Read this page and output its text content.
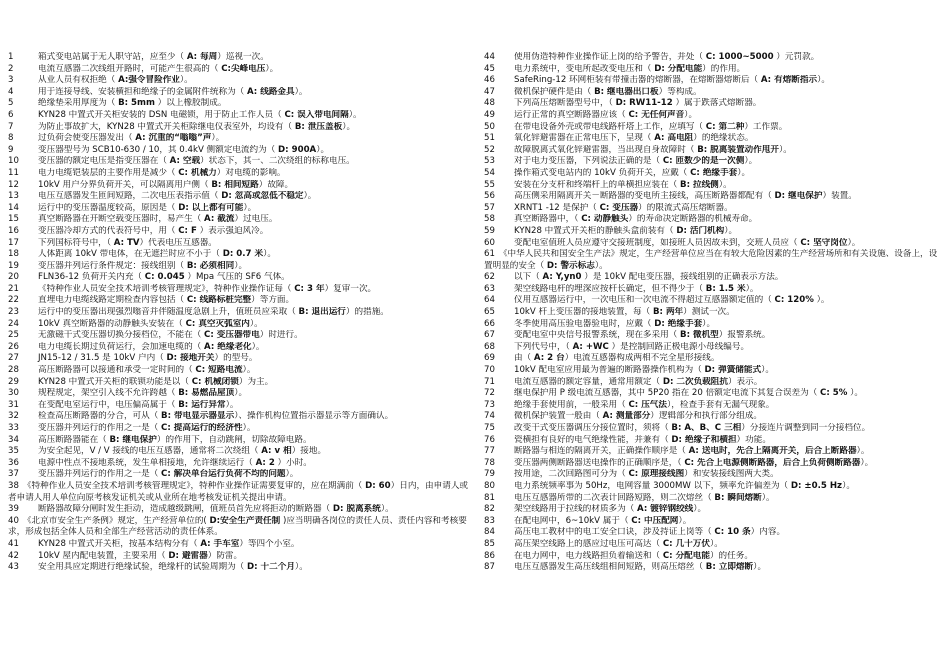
1	箱式变电站属于无人职守站，应至少（ A: 每周）巡视一次。
2	电流互感器二次线组开路时，可能产生很高的（ C:尖峰电压）。
3	从业人员有权拒绝（ A:强令冒险作业）。
4	用于连接导线、安装横担和绝缘子的金属附件统称为（ A: 线路金具）。
5	绝缘垫采用厚度为（ B: 5mm ）以上橡胶制成。
6	KYN28 中置式开关柜安装的 DSN 电磁锁，用于防止工作人员（ C: 误入带电间隔）。
7	为防止事故扩大，KYN28 中置式开关柜除继电仪表室外，均设有（ B: 泄压盖板）。
8	过负荷会使变压器发出（ A: 沉重的“嗡嗡”声）。
9	变压器型号为 SCB10-630 / 10，其 0.4kV 侧额定电流约为（ D: 900A）。
10 变压器的额定电压是指变压器在（ A: 空载）状态下，其一、二次绕组的标称电压。
11 电力电缆铠装层的主要作用是减少（ C: 机械力）对电缆的影响。
12 10kV 用户分界负荷开关，可以隔离用户侧（ B: 相间短路）故障。
13 电压互感器发生匝间短路，二次电压表指示值（ D: 忽高或忽低不稳定）。
14 运行中的变压器温度较高，原因是（ D: 以上都有可能）。
15 真空断路器在开断空载变压器时，易产生（ A: 截流）过电压。
16 变压器冷却方式的代表符号中，用（ C: F ）表示强迫风冷。
17 下列国标符号中，（ A: TV）代表电压互感器。
18 人体距离 10kV 带电体，在无遮拦时应不小于（ D: 0.7 米）。
19 变压器并列运行条件规定：接线组别（ B: 必须相同）。
20 FLN36-12 负荷开关内充（ C: 0.045 ）Mpa 气压的 SF6 气体。
21 《特种作业人员安全技术培训考核管理规定》，特种作业操作证每（ C: 3 年）复审一次。
22 直埋电力电缆线路定期检查内容包括（ C: 线路标桩完整）等方面。
23 运行中的变压器出现强烈嗡音并伴随温度急剧上升，值班员应采取（ B: 退出运行）的措施。
24 10kV 真空断路器的动静触头安装在（ C: 真空灭弧室内）。
25 无激磁干式变压器切换分接档位，不能在（ C: 变压器带电）时进行。
26 电力电缆长期过负荷运行，会加速电缆的（ A: 绝缘老化）。
27 JN15-12 / 31.5 是 10kV 户内（ D: 接地开关）的型号。
28 高压断路器可以接通和承受一定时间的（ C: 短路电流）。
29 KYN28 中置式开关柜的联锁功能是以（ C: 机械闭锁）为主。
30 规程规定，架空引入线不允许跨越（ B: 易燃品屋顶）。
31 在变配电室运行中，电压偏高属于（ B: 运行异常）。
32 检查高压断路器的分合，可从（ B: 带电显示器显示）、操作机构位置指示器显示等方面确认。
33 变压器并列运行的作用之一是（ C: 提高运行的经济性）。
34 高压断路器能在（ B: 继电保护）的作用下，自动跳闸，切除故障电路。
35 为安全起见，V / V 接线的电压互感器，通常将二次绕组（ A: v 相）接地。
36 电源中性点不接地系统，发生单相接地，允许继续运行（ A: 2 ）小时。
37 变压器并列运行的作用之一是（ C: 解决单台运行负荷不均的问题）。
38 《特种作业人员安全技术培训考核管理规定》，特种作业操作证需要复审的，应在期满前（ D: 60）日内，由申请人或者申请人用人单位向原考核发证机关或从业所在地考核发证机关提出申请。
39 断路器故障分闸时发生拒动，造成越级跳闸，值班员首先应将拒动的断路器（ D: 脱离系统）。
40 《北京市安全生产条例》规定，生产经营单位的( D:安全生产责任制 )应当明确各岗位的责任人员、责任内容和考核要求，形成包括全体人员和全部生产经营活动的责任体系。
41 KYN28 中置式开关柜，按基本结构分有（ A: 手车室）等四个小室。
42 10kV 屋内配电装置，主要采用（ D: 避雷器）防雷。
43 安全用具应定期进行绝缘试验，绝缘杆的试验周期为（ D: 十二个月）。
44 使用伪造特种作业操作证上岗的给予警告，并处（ C: 1000~5000 ）元罚款。
45 电力系统中，变电所起改变电压和（ D: 分配电能）的作用。
46 SafeRing-12 环网柜装有带撞击器的熔断器，在熔断器熔断后（ A: 有熔断指示）。
47 微机保护硬件是由（ B: 继电器出口板）等构成。
48 下列高压熔断器型号中，（ D: RW11-12 ）属于跌落式熔断器。
49 运行正常的真空断路器应该（ C: 无任何声音）。
50 在带电设备外壳或带电线路杆塔上工作，应填写（ C: 第二种）工作票。
51 氧化锌避雷器在正常电压下，呈现（ A: 高电阻）的绝缘状态。
52 故障脱离式氧化锌避雷器，当出现自身故障时（ B: 脱离装置动作甩开）。
53 对于电力变压器，下列说法正确的是（ C: 匝数少的是一次侧）。
54 操作箱式变电站内的 10kV 负荷开关，应戴（ C: 绝缘手套）。
55 安装在分支杆和终端杆上的单横担应装在（ B: 拉线侧）。
56 高压侧采用隔离开关－断路器的变电所主接线，高压断路器都配有（ D: 继电保护）装置。
57 XRNT1 -12 是保护（ C: 变压器）的限流式高压熔断器。
58 真空断路器中，（ C: 动静触头）的寿命决定断路器的机械寿命。
59 KYN28 中置式开关柜的静触头盒前装有（ D: 活门机构）。
60 变配电室值班人员应遵守交接班制度，如接班人员因故未到，交班人员应（ C: 坚守岗位）。
61 《中华人民共和国安全生产法》规定，生产经营单位应当在有较大危险因素的生产经营场所和有关设施、设备上，设置明显的安全（ D: 警示标志）。
62 以下（ A: Y,yn0 ）是 10kV 配电变压器，接线组别的正确表示方法。
63 架空线路电杆的埋深应按杆长确定，但不得少于（ B: 1.5 米）。
64 仪用互感器运行中，一次电压和一次电流不得超过互感器额定值的（ C: 120% ）。
65 10kV 杆上变压器的接地装置，每（ B: 两年）测试一次。
66 冬季使用高压验电器验电时，应戴（ D: 绝缘手套）。
67 变配电室中央信号报警系统，现在多采用（ B: 微机型）报警系统。
68 下列代号中，（ A: +WC ）是控制回路正极电源小母线编号。
69 由（ A: 2 台）电流互感器构成两相不完全星形接线。
70 10kV 配电室应用最为普遍的断路器操作机构为（ D: 弹簧储能式）。
71 电流互感器的额定容量，通常用额定（ D: 二次负载阻抗）表示。
72 继电保护用 P 级电流互感器，其中 5P20 指在 20 倍额定电流下其复合误差为（ C: 5% ）。
73 绝缘手套使用前，一般采用（ C: 压气法），检查手套有无漏气现象。
74 微机保护装置一般由（ A: 测量部分）逻辑部分和执行部分组成。
75 改变干式变压器调压分接位置时，须将（ B: A、B、C 三相）分接连片调整到同一分接档位。
76 瓷横担有良好的电气绝缘性能，并兼有（ D: 绝缘子和横担）功能。
77 断路器与相连的隔离开关，正确操作顺序是（ A: 送电时，先合上隔离开关，后合上断路器）。
78 变压器两侧断路器送电操作的正确顺序是，（ C: 先合上电源侧断路器，后合上负荷侧断路器）。
79 按用途，二次回路图可分为（ C: 原理接线图）和安装接线图两大类。
80 电力系统频率事为 50Hz，电网容量 3000MW 以下，频率允许偏差为（ D: ±0.5 Hz）。
81 电压互感器所带的二次表计回路短路，则二次熔丝（ B: 瞬间熔断）。
82 架空线路用于拉线的材质多为（ A: 镀锌钢绞线）。
83 在配电网中，6~10kV 属于（ C: 中压配网）。
84 高压电工教材中的电工安全口诀，涉及持证上岗等（ C: 10 条）内容。
85 高压架空线路上的感应过电压可高达（ C: 几十万伏）。
86 在电力网中，电力线路担负着输送和（ C: 分配电能）的任务。
87 电压互感器发生高压线组相间短路，则高压熔丝（ B: 立即熔断）。
